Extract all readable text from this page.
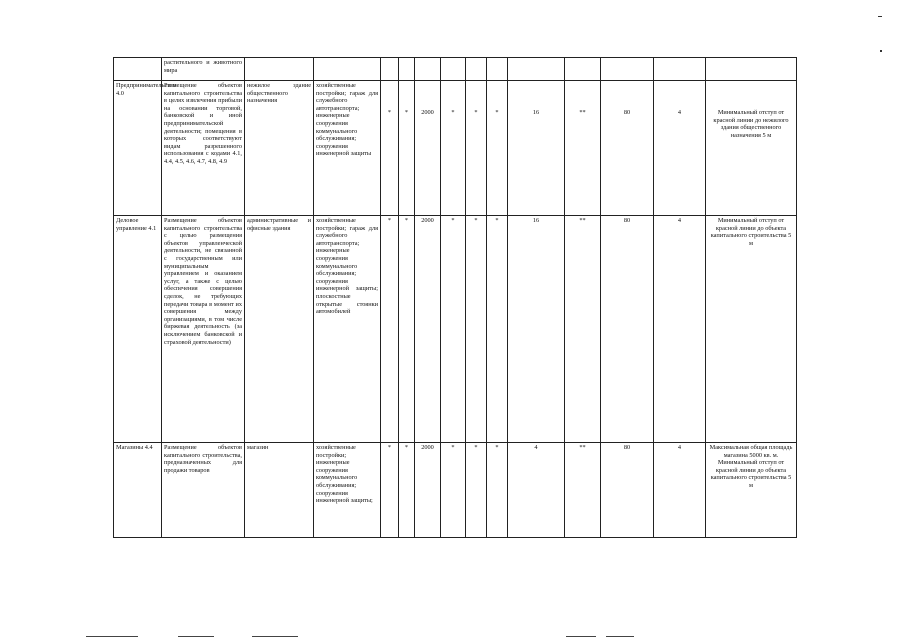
	растительного и животного мира													
Предпринимательство 4.0	Размещение объектов капитального строительства в целях извлечения прибыли на основании торговой, банковской и иной предпринимательской деятельности; помещения в которых соответствуют видам разрешенного использования с кодами 4.1, 4.4, 4.5, 4.6, 4.7, 4.8, 4.9	нежилое здание общественного назначения	хозяйственные постройки; гараж для служебного автотранспорта; инженерные сооружения коммунального обслуживания; сооружения инженерной защиты	*	*	2000	*	*	*	16	**	80	4	Минимальный отступ от красной линии до нежилого здания общественного назначения 5 м
Деловое управление 4.1	Размещение объектов капитального строительства с целью размещения объектов управленческой деятельности, не связанной с государственным или муниципальным управлением и оказанием услуг, а также с целью обеспечения совершения сделок, не требующих передачи товара в момент их совершения между организациями, в том числе биржевая деятельность (за исключением банковской и страховой деятельности)	административные и офисные здания	хозяйственные постройки; гараж для служебного автотранспорта; инженерные сооружения коммунального обслуживания; сооружения инженерной защиты; плоскостные открытые стоянки автомобилей	*	*	2000	*	*	*	16	**	80	4	Минимальный отступ от красной линии до объекта капитального строительства 5 м
Магазины 4.4	Размещение объектов капитального строительства, предназначенных для продажи товаров	магазин	хозяйственные постройки; инженерные сооружения коммунального обслуживания; сооружения инженерной защиты;	*	*	2000	*	*	*	4	**	80	4	Максимальная общая площадь магазина 5000 кв. м. Минимальный отступ от красной линии до объекта капитального строительства 5 м
